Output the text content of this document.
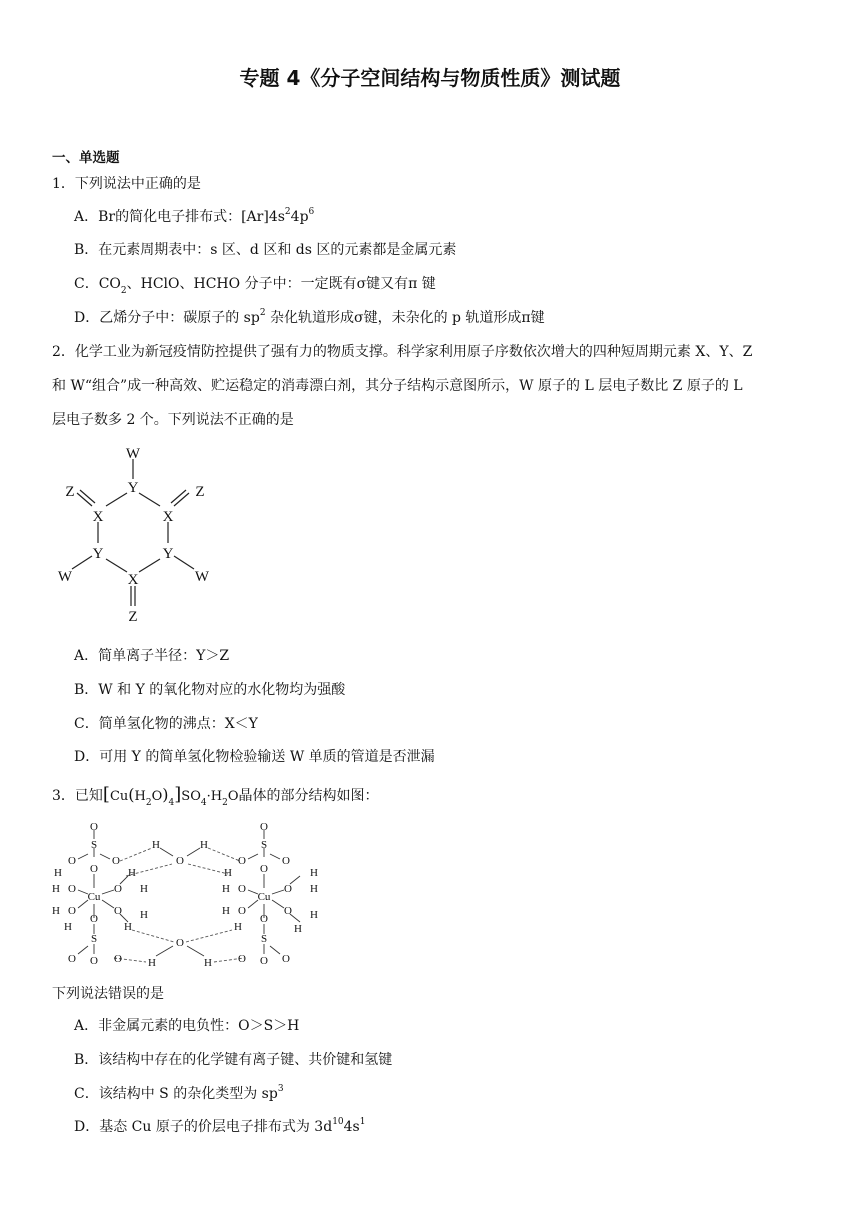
专题 4《分子空间结构与物质性质》测试题
一、单选题
1．下列说法中正确的是
A．Br的简化电子排布式：$[Ar]4s^24p^6$
B．在元素周期表中：s 区、d 区和 ds 区的元素都是金属元素
C．$CO_2$、HClO、HCHO 分子中：一定既有σ键又有π 键
D．乙烯分子中：碳原子的 $sp^2$ 杂化轨道形成σ键，未杂化的 p 轨道形成π键
2．化学工业为新冠疫情防控提供了强有力的物质支撑。科学家利用原子序数依次增大的四种短周期元素 X、Y、Z
和 W“组合”成一种高效、贮运稳定的消毒漂白剂，其分子结构示意图所示，W 原子的 L 层电子数比 Z 原子的 L
层电子数多 2 个。下列说法不正确的是
W
Y
X	X
Y	Y
X
Z
W	W
Z	Z
A．简单离子半径：Y＞Z
B．W 和 Y 的氧化物对应的水化物均为强酸
C．简单氢化物的沸点：X＜Y
D．可用 Y 的简单氢化物检验输送 W 单质的管道是否泄漏
3．已知$[Cu(H_2O)_4]SO_4\cdot H_2O$晶体的部分结构如图：
O
S
O	O
O
Cu
H
H O
H O
H
O
H
H
O H
H
O
S
O O O
H
O
H
O
H	H
O
S
O	O
O
Cu
H
H O
H O
H
O
H
H
O H
H
O
S
O O O
下列说法错误的是
A．非金属元素的电负性：O＞S＞H
B．该结构中存在的化学键有离子键、共价键和氢键
C．该结构中 S 的杂化类型为 $sp^3$
D．基态 Cu 原子的价层电子排布式为 $3d^{10}4s^1$
